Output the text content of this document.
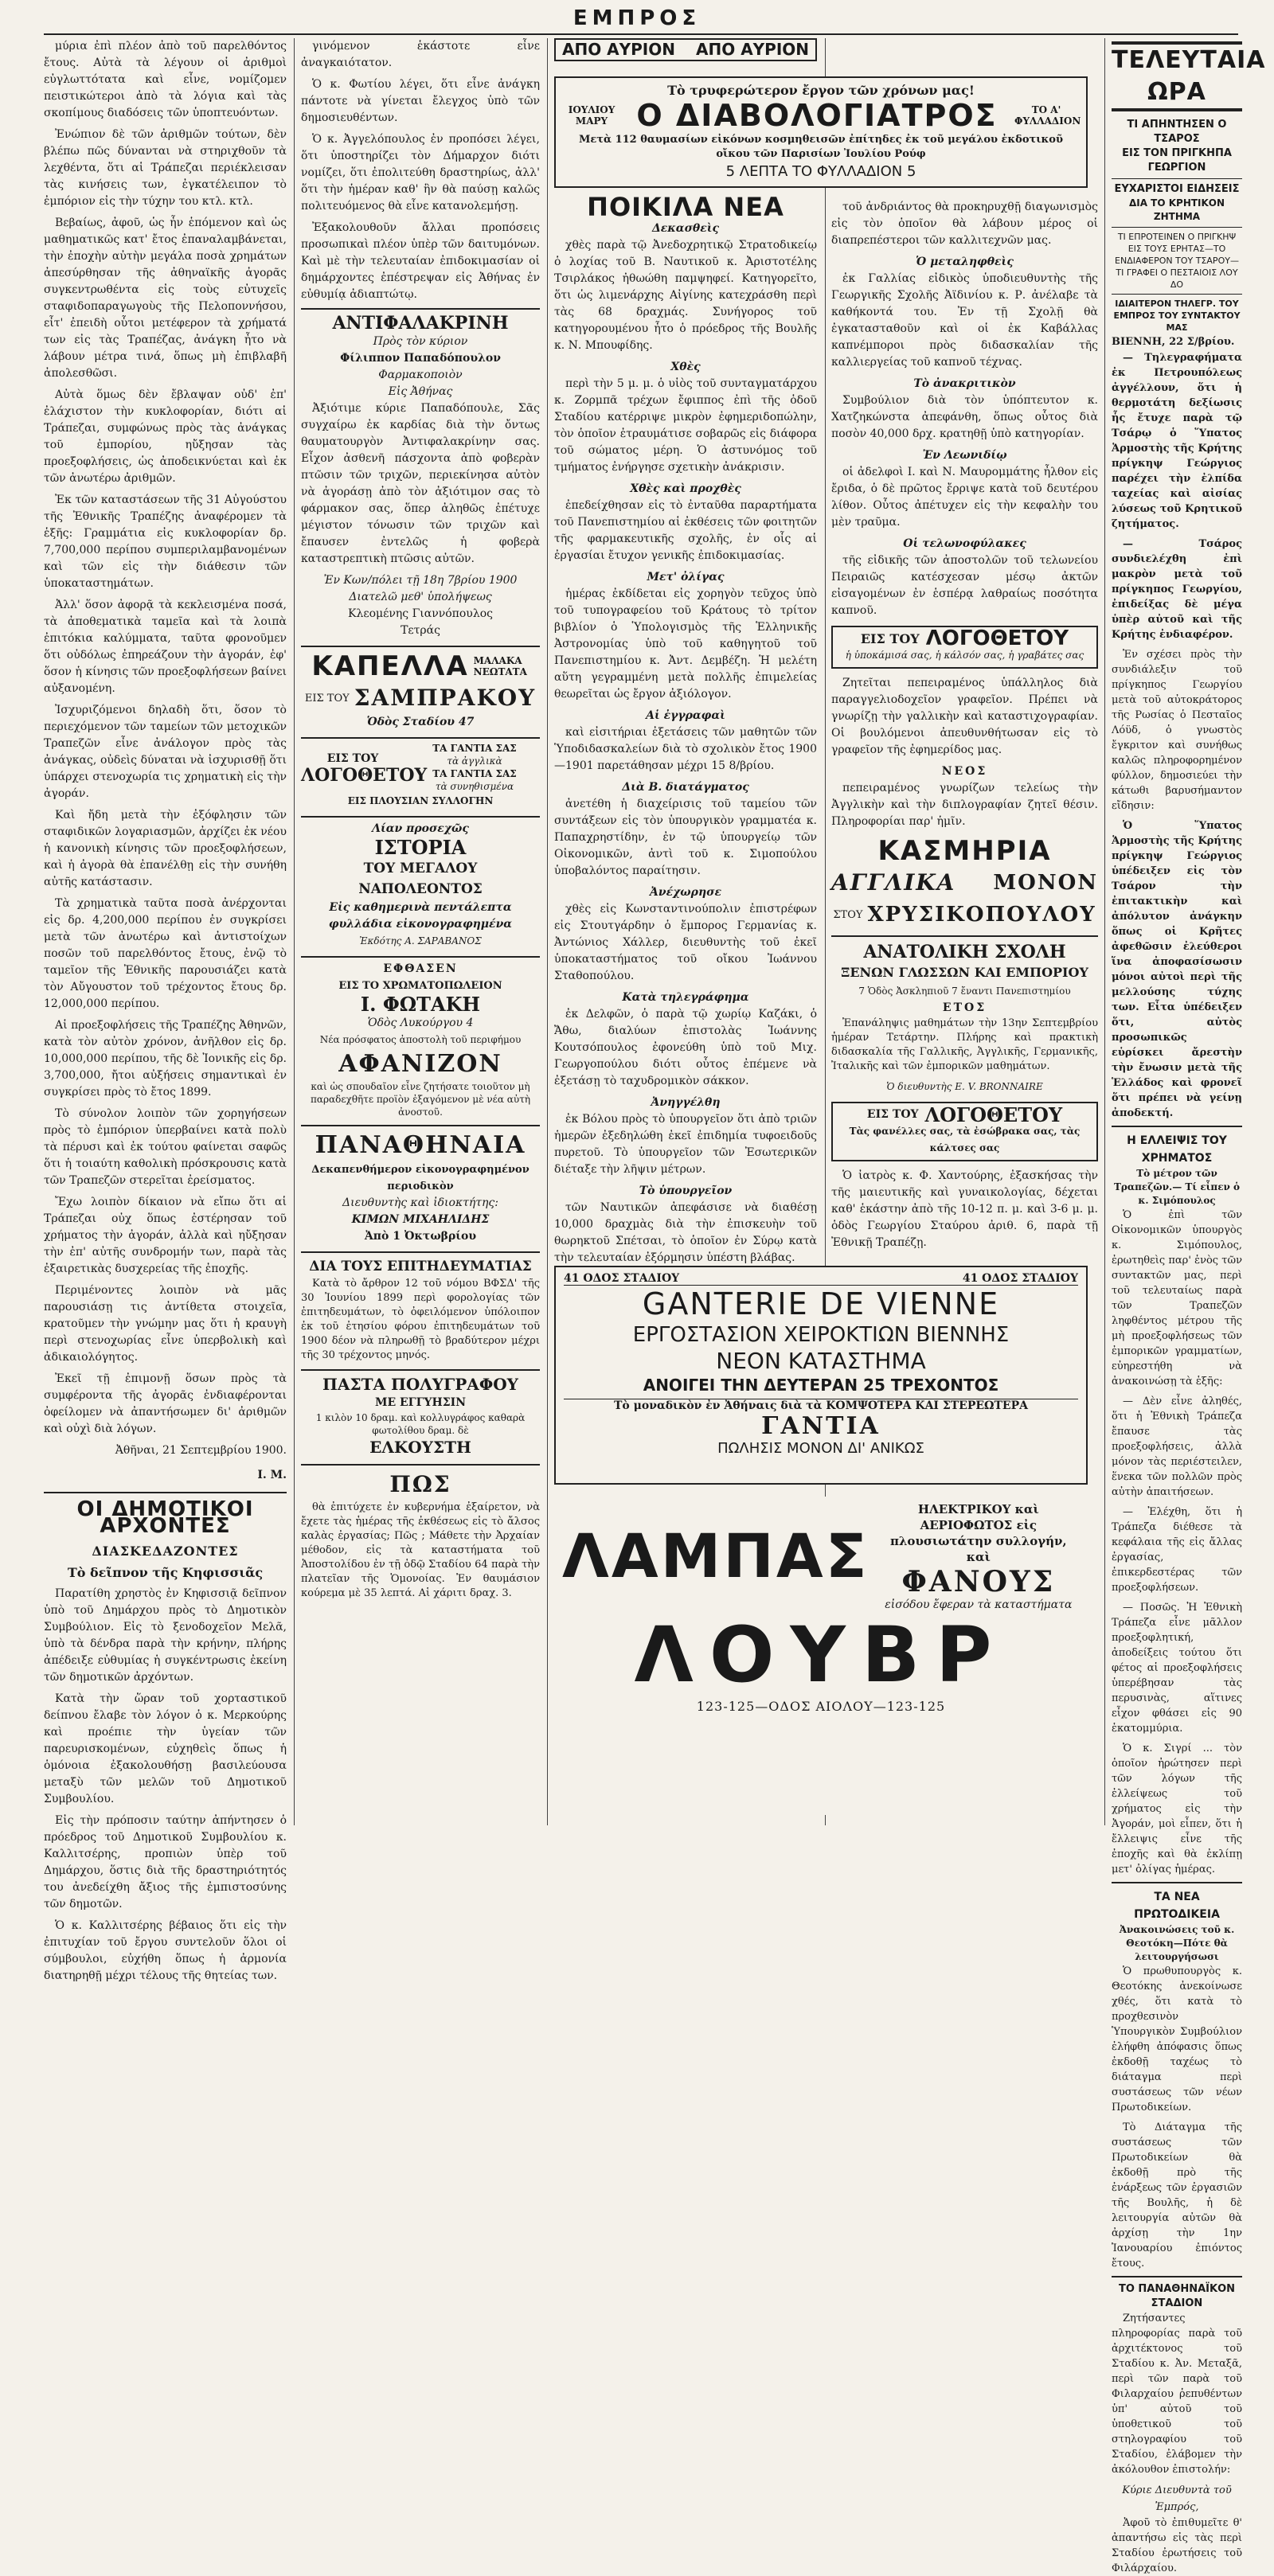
ΕΜΠΡΟΣ

μύρια ἐπὶ πλέον ἀπὸ τοῦ παρελθόντος ἔτους. Αὐτὰ τὰ λέγουν οἱ ἀριθμοὶ εὐγλωττότατα καὶ εἶνε, νομίζομεν πειστικώτεροι ἀπὸ τὰ λόγια καὶ τὰς σκοπίμους διαδόσεις τῶν ὑποπτευόντων.

Ἐνώπιον δὲ τῶν ἀριθμῶν τούτων, δὲν βλέπω πῶς δύνανται νὰ στηριχθοῦν τὰ λεχθέντα, ὅτι αἱ Τράπεζαι περιέκλεισαν τὰς κινήσεις των, ἐγκατέλειπον τὸ ἐμπόριον εἰς τὴν τύχην του κτλ. κτλ.

Βεβαίως, ἀφοῦ, ὡς ἦν ἑπόμενον καὶ ὡς μαθηματικῶς κατ' ἔτος ἐπαναλαμβάνεται, τὴν ἐποχὴν αὐτὴν μεγάλα ποσὰ χρημάτων ἀπεσύρθησαν τῆς ἀθηναϊκῆς ἀγορᾶς συγκεντρωθέντα εἰς τοὺς εὐτυχεῖς σταφιδοπαραγωγοὺς τῆς Πελοποννήσου, εἶτ' ἐπειδὴ οὗτοι μετέφερον τὰ χρήματά των εἰς τὰς Τραπέζας, ἀνάγκη ἦτο νὰ λάβουν μέτρα τινά, ὅπως μὴ ἐπιβλαβῆ ἀπολεσθῶσι.

Αὐτὰ ὅμως δὲν ἔβλαψαν οὐδ' ἐπ' ἐλάχιστον τὴν κυκλοφορίαν, διότι αἱ Τράπεζαι, συμφώνως πρὸς τὰς ἀνάγκας τοῦ ἐμπορίου, ηὔξησαν τὰς προεξοφλήσεις, ὡς ἀποδεικνύεται καὶ ἐκ τῶν ἀνωτέρω ἀριθμῶν.

Ἐκ τῶν καταστάσεων τῆς 31 Αὐγούστου τῆς Ἐθνικῆς Τραπέζης ἀναφέρομεν τὰ ἑξῆς: Γραμμάτια εἰς κυκλοφορίαν δρ. 7,700,000 περίπου συμπεριλαμβανομένων καὶ τῶν εἰς τὴν διάθεσιν τῶν ὑποκαταστημάτων.

Ἀλλ' ὅσον ἀφορᾷ τὰ κεκλεισμένα ποσά, τὰ ἀποθεματικὰ ταμεῖα καὶ τὰ λοιπὰ ἐπιτόκια καλύμματα, ταῦτα φρονοῦμεν ὅτι οὐδόλως ἐπηρεάζουν τὴν ἀγοράν, ἐφ' ὅσον ἡ κίνησις τῶν προεξοφλήσεων βαίνει αὐξανομένη.

Ἰσχυριζόμενοι δηλαδὴ ὅτι, ὅσον τὸ περιεχόμενον τῶν ταμείων τῶν μετοχικῶν Τραπεζῶν εἶνε ἀνάλογον πρὸς τὰς ἀνάγκας, οὐδεὶς δύναται νὰ ἰσχυρισθῇ ὅτι ὑπάρχει στενοχωρία τις χρηματικὴ εἰς τὴν ἀγοράν.

Καὶ ἤδη μετὰ τὴν ἐξόφλησιν τῶν σταφιδικῶν λογαριασμῶν, ἀρχίζει ἐκ νέου ἡ κανονικὴ κίνησις τῶν προεξοφλήσεων, καὶ ἡ ἀγορὰ θὰ ἐπανέλθῃ εἰς τὴν συνήθη αὐτῆς κατάστασιν.

Τὰ χρηματικὰ ταῦτα ποσὰ ἀνέρχονται εἰς δρ. 4,200,000 περίπου ἐν συγκρίσει μετὰ τῶν ἀνωτέρω καὶ ἀντιστοίχων ποσῶν τοῦ παρελθόντος ἔτους, ἐνῷ τὸ ταμεῖον τῆς Ἐθνικῆς παρουσιάζει κατὰ τὸν Αὔγουστον τοῦ τρέχοντος ἔτους δρ. 12,000,000 περίπου.

Αἱ προεξοφλήσεις τῆς Τραπέζης Ἀθηνῶν, κατὰ τὸν αὐτὸν χρόνον, ἀνῆλθον εἰς δρ. 10,000,000 περίπου, τῆς δὲ Ἰονικῆς εἰς δρ. 3,700,000, ἤτοι αὐξήσεις σημαντικαὶ ἐν συγκρίσει πρὸς τὸ ἔτος 1899.

Τὸ σύνολον λοιπὸν τῶν χορηγήσεων πρὸς τὸ ἐμπόριον ὑπερβαίνει κατὰ πολὺ τὰ πέρυσι καὶ ἐκ τούτου φαίνεται σαφῶς ὅτι ἡ τοιαύτη καθολικὴ πρόσκρουσις κατὰ τῶν Τραπεζῶν στερεῖται ἐρείσματος.

Ἔχω λοιπὸν δίκαιον νὰ εἴπω ὅτι αἱ Τράπεζαι οὐχ ὅπως ἐστέρησαν τοῦ χρήματος τὴν ἀγοράν, ἀλλὰ καὶ ηὔξησαν τὴν ἐπ' αὐτῆς συνδρομήν των, παρὰ τὰς ἐξαιρετικὰς δυσχερείας τῆς ἐποχῆς.

Περιμένοντες λοιπὸν νὰ μᾶς παρουσιάσῃ τις ἀντίθετα στοιχεῖα, κρατοῦμεν τὴν γνώμην μας ὅτι ἡ κραυγὴ περὶ στενοχωρίας εἶνε ὑπερβολικὴ καὶ ἀδικαιολόγητος.

Ἐκεῖ τῇ ἐπιμονῇ ὅσων πρὸς τὰ συμφέροντα τῆς ἀγορᾶς ἐνδιαφέρονται ὀφείλομεν νὰ ἀπαντήσωμεν δι' ἀριθμῶν καὶ οὐχὶ διὰ λόγων.

Ἀθῆναι, 21 Σεπτεμβρίου 1900.
Ι. Μ.
ΟΙ ΔΗΜΟΤΙΚΟΙ ΑΡΧΟΝΤΕΣ
ΔΙΑΣΚΕΔΑΖΟΝΤΕΣ
Τὸ δεῖπνον τῆς Κηφισσιᾶς

Παρατίθη χρηστὸς ἐν Κηφισσιᾷ δεῖπνον ὑπὸ τοῦ Δημάρχου πρὸς τὸ Δημοτικὸν Συμβούλιον. Εἰς τὸ ξενοδοχεῖον Μελᾶ, ὑπὸ τὰ δένδρα παρὰ τὴν κρήνην, πλήρης ἀπέδειξε εὐθυμίας ἡ συγκέντρωσις ἐκείνη τῶν δημοτικῶν ἀρχόντων.

Κατὰ τὴν ὥραν τοῦ χορταστικοῦ δείπνου ἔλαβε τὸν λόγον ὁ κ. Μερκούρης καὶ προέπιε τὴν ὑγείαν τῶν παρευρισκομένων, εὐχηθεὶς ὅπως ἡ ὁμόνοια ἐξακολουθήσῃ βασιλεύουσα μεταξὺ τῶν μελῶν τοῦ Δημοτικοῦ Συμβουλίου.

Εἰς τὴν πρόποσιν ταύτην ἀπήντησεν ὁ πρόεδρος τοῦ Δημοτικοῦ Συμβουλίου κ. Καλλιτσέρης, προπιὼν ὑπὲρ τοῦ Δημάρχου, ὅστις διὰ τῆς δραστηριότητός του ἀνεδείχθη ἄξιος τῆς ἐμπιστοσύνης τῶν δημοτῶν.

Ὁ κ. Καλλιτσέρης βέβαιος ὅτι εἰς τὴν ἐπιτυχίαν τοῦ ἔργου συντελοῦν ὅλοι οἱ σύμβουλοι, εὐχήθη ὅπως ἡ ἀρμονία διατηρηθῇ μέχρι τέλους τῆς θητείας των.

γινόμενον ἑκάστοτε εἶνε ἀναγκαιότατον.

Ὁ κ. Φωτίου λέγει, ὅτι εἶνε ἀνάγκη πάντοτε νὰ γίνεται ἔλεγχος ὑπὸ τῶν δημοσιευθέντων.

Ὁ κ. Ἀγγελόπουλος ἐν προπόσει λέγει, ὅτι ὑποστηρίζει τὸν Δήμαρχον διότι νομίζει, ὅτι ἐπολιτεύθη δραστηρίως, ἀλλ' ὅτι τὴν ἡμέραν καθ' ἣν θὰ παύσῃ καλῶς πολιτευόμενος θὰ εἶνε κατανολεμήσῃ.

Ἐξακολουθοῦν ἄλλαι προπόσεις προσωπικαὶ πλέον ὑπὲρ τῶν δαιτυμόνων. Καὶ μὲ τὴν τελευταίαν ἐπιδοκιμασίαν οἱ δημάρχοντες ἐπέστρεψαν εἰς Ἀθήνας ἐν εὐθυμίᾳ ἀδιαπτώτῳ.

ΑΝΤΙΦΑΛΑΚΡΙΝΗ
Πρὸς τὸν κύριον
Φίλιππον Παπαδόπουλον
Φαρμακοποιὸν
Εἰς Ἀθήνας

Ἀξιότιμε κύριε Παπαδόπουλε, Σᾶς συγχαίρω ἐκ καρδίας διὰ τὴν ὄντως θαυματουργὸν Ἀντιφαλακρίνην σας. Εἶχον ἀσθενῆ πάσχοντα ἀπὸ φοβερὰν πτῶσιν τῶν τριχῶν, περιεκίνησα αὐτὸν νὰ ἀγοράσῃ ἀπὸ τὸν ἀξιότιμον σας τὸ φάρμακον σας, ὅπερ ἀληθῶς ἐπέτυχε μέγιστον τόνωσιν τῶν τριχῶν καὶ ἔπαυσεν ἐντελῶς ἡ φοβερὰ καταστρεπτικὴ πτῶσις αὐτῶν.

Ἐν Κων/πόλει τῇ 18η 7βρίου 1900
Διατελῶ μεθ' ὑπολήψεως
Κλεομένης Γιαννόπουλος
Τετράς
ΚΑΠΕΛΛΑ ΜΑΛΑΚΑ ΝΕΩΤΑΤΑ
ΕΙΣ ΤΟΥ ΣΑΜΠΡΑΚΟΥ
Ὁδὸς Σταδίου 47
ΕΙΣ ΤΟΥ
ΛΟΓΟΘΕΤΟΥ
ΤΑ ΓΑΝΤΙΑ ΣΑΣ
τὰ ἀγγλικὰ
ΤΑ ΓΑΝΤΙΑ ΣΑΣ
τὰ συνηθισμένα
ΕΙΣ ΠΛΟΥΣΙΑΝ ΣΥΛΛΟΓΗΝ
Λίαν προσεχῶς
ΙΣΤΟΡΙΑ
ΤΟΥ ΜΕΓΑΛΟΥ ΝΑΠΟΛΕΟΝΤΟΣ
Εἰς καθημερινὰ πεντάλεπτα φυλλάδια εἰκονογραφημένα
Ἐκδότης Α. ΣΑΡΑΒΑΝΟΣ
ΕΦΘΑΣΕΝ
ΕΙΣ ΤΟ ΧΡΩΜΑΤΟΠΩΛΕΙΟΝ
Ι. ΦΩΤΑΚΗ
Ὁδὸς Λυκούργου 4
Νέα πρόσφατος ἀποστολὴ τοῦ περιφήμου
ΑΦΑΝΙΖΟΝ
καὶ ὡς σπουδαῖον εἶνε ζητήσατε τοιοῦτον μὴ παραδεχθῆτε προϊὸν ἐξαγόμενον μὲ νέα αὐτὴ ἀνοστοῦ.
ΠΑΝΑΘΗΝΑΙΑ
Δεκαπενθήμερον εἰκονογραφημένον περιοδικὸν
Διευθυντὴς καὶ ἰδιοκτήτης:
ΚΙΜΩΝ ΜΙΧΑΗΛΙΔΗΣ
Ἀπὸ 1 Ὀκτωβρίου
ΔΙΑ ΤΟΥΣ ΕΠΙΤΗΔΕΥΜΑΤΙΑΣ

Κατὰ τὸ ἄρθρον 12 τοῦ νόμου ΒΦΣΔ' τῆς 30 Ἰουνίου 1899 περὶ φορολογίας τῶν ἐπιτηδευμάτων, τὸ ὀφειλόμενον ὑπόλοιπον ἐκ τοῦ ἐτησίου φόρου ἐπιτηδευμάτων τοῦ 1900 δέον νὰ πληρωθῇ τὸ βραδύτερον μέχρι τῆς 30 τρέχοντος μηνός.

ΠΑΣΤΑ ΠΟΛΥΓΡΑΦΟΥ
ΜΕ ΕΓΓΥΗΣΙΝ
1 κιλὸν 10 δραμ. καὶ κολλυγράφος καθαρὰ φωτολίθου δραμ. δὲ
ΕΛΚΟΥΣΤΗ
ΠΩΣ

θὰ ἐπιτύχετε ἐν κυβερνήμα ἐξαίρετον, νὰ ἔχετε τὰς ἡμέρας τῆς ἐκθέσεως εἰς τὸ ἄλσος καλὰς ἐργασίας; Πῶς ; Μάθετε τὴν Ἀρχαίαν μέθοδον, εἰς τὰ καταστήματα τοῦ Ἀποστολίδου ἐν τῇ ὁδῷ Σταδίου 64 παρὰ τὴν πλατεῖαν τῆς Ὁμονοίας. Ἐν θαυμάσιον κούρεμα μὲ 35 λεπτά. Αἱ χάριτι δραχ. 3.

ΑΠΟ ΑΥΡΙΟΝ ΑΠΟ ΑΥΡΙΟΝ
Τὸ τρυφερώτερον ἔργον τῶν χρόνων μας!
ΙΟΥΛΙΟΥ ΜΑΡΥ Ο ΔΙΑΒΟΛΟΓΙΑΤΡΟΣ	ΤΟ Α' ΦΥΛΛΑΔΙΟΝ
Μετὰ 112 θαυμασίων εἰκόνων κοσμηθεισῶν ἐπίτηδες ἐκ τοῦ μεγάλου ἐκδοτικοῦ οἴκου τῶν Παρισίων Ἰουλίου Ρούφ
5 ΛΕΠΤΑ ΤΟ ΦΥΛΛΑΔΙΟΝ 5
ΠΟΙΚΙΛΑ ΝΕΑ
Δεκασθεὶς

χθὲς παρὰ τῷ Ἀνεδοχρητικῷ Στρατοδικείῳ ὁ λοχίας τοῦ Β. Ναυτικοῦ κ. Ἀριστοτέλης Τσιρλάκος ἠθωώθη παμψηφεί. Κατηγορεῖτο, ὅτι ὡς λιμενάρχης Αἰγίνης κατεχράσθη περὶ τὰς 68 δραχμάς. Συνήγορος τοῦ κατηγορουμένου ἦτο ὁ πρόεδρος τῆς Βουλῆς κ. Ν. Μπουφίδης.

Χθὲς

περὶ τὴν 5 μ. μ. ὁ υἱὸς τοῦ συνταγματάρχου κ. Ζορμπᾶ τρέχων ἔφιππος ἐπὶ τῆς ὁδοῦ Σταδίου κατέρριψε μικρὸν ἐφημεριδοπώλην, τὸν ὁποῖον ἐτραυμάτισε σοβαρῶς εἰς διάφορα τοῦ σώματος μέρη. Ὁ ἀστυνόμος τοῦ τμήματος ἐνήργησε σχετικὴν ἀνάκρισιν.

Χθὲς καὶ προχθὲς

ἐπεδείχθησαν εἰς τὸ ἐνταῦθα παραρτήματα τοῦ Πανεπιστημίου αἱ ἐκθέσεις τῶν φοιτητῶν τῆς φαρμακευτικῆς σχολῆς, ἐν οἷς αἱ ἐργασίαι ἔτυχον γενικῆς ἐπιδοκιμασίας.

Μετ' ὀλίγας

ἡμέρας ἐκδίδεται εἰς χορηγὸν τεῦχος ὑπὸ τοῦ τυπογραφείου τοῦ Κράτους τὸ τρίτον βιβλίον ὁ Ὑπολογισμὸς τῆς Ἑλληνικῆς Ἀστρονομίας ὑπὸ τοῦ καθηγητοῦ τοῦ Πανεπιστημίου κ. Ἀντ. Δεμβέζη. Ἡ μελέτη αὕτη γεγραμμένη μετὰ πολλῆς ἐπιμελείας θεωρεῖται ὡς ἔργον ἀξιόλογον.

Αἱ ἐγγραφαὶ

καὶ εἰσιτήριαι ἐξετάσεις τῶν μαθητῶν τῶν Ὑποδιδασκαλείων διὰ τὸ σχολικὸν ἔτος 1900—1901 παρετάθησαν μέχρι 15 8/βρίου.

Διὰ Β. διατάγματος

ἀνετέθη ἡ διαχείρισις τοῦ ταμείου τῶν συντάξεων εἰς τὸν ὑπουργικὸν γραμματέα κ. Παπαχρηστίδην, ἐν τῷ ὑπουργείῳ τῶν Οἰκονομικῶν, ἀντὶ τοῦ κ. Σιμοπούλου ὑποβαλόντος παραίτησιν.

Ἀνέχωρησε

χθὲς εἰς Κωνσταντινούπολιν ἐπιστρέφων εἰς Στουτγάρδην ὁ ἔμπορος Γερμανίας κ. Ἀντώνιος Χάλλερ, διευθυντὴς τοῦ ἐκεῖ ὑποκαταστήματος τοῦ οἴκου Ἰωάννου Σταθοπούλου.

Κατὰ τηλεγράφημα

ἐκ Δελφῶν, ὁ παρὰ τῷ χωρίῳ Καζάκι, ὁ Ἄθω, διαλύων ἐπιστολὰς Ἰωάννης Κουτσόπουλος ἐφονεύθη ὑπὸ τοῦ Μιχ. Γεωργοπούλου διότι οὗτος ἐπέμενε νὰ ἐξετάσῃ τὸ ταχυδρομικὸν σάκκον.

Ἀνηγγέλθη

ἐκ Βόλου πρὸς τὸ ὑπουργεῖον ὅτι ἀπὸ τριῶν ἡμερῶν ἐξεδηλώθη ἐκεῖ ἐπιδημία τυφοειδοῦς πυρετοῦ. Τὸ ὑπουργεῖον τῶν Ἐσωτερικῶν διέταξε τὴν λῆψιν μέτρων.

Τὸ ὑπουργεῖον

τῶν Ναυτικῶν ἀπεφάσισε νὰ διαθέσῃ 10,000 δραχμὰς διὰ τὴν ἐπισκευὴν τοῦ θωρηκτοῦ Σπέτσαι, τὸ ὁποῖον ἐν Σύρῳ κατὰ τὴν τελευταίαν ἐξόρμησιν ὑπέστη βλάβας.

τοῦ ἀνδριάντος θὰ προκηρυχθῇ διαγωνισμὸς εἰς τὸν ὁποῖον θὰ λάβουν μέρος οἱ διαπρεπέστεροι τῶν καλλιτεχνῶν μας.

Ὁ μεταληφθεὶς

ἐκ Γαλλίας εἰδικὸς ὑποδιευθυντὴς τῆς Γεωργικῆς Σχολῆς Ἀϊδινίου κ. Ρ. ἀνέλαβε τὰ καθήκοντά του. Ἐν τῇ Σχολῇ θὰ ἐγκατασταθοῦν καὶ οἱ ἐκ Καβάλλας καπνέμποροι πρὸς διδασκαλίαν τῆς καλλιεργείας τοῦ καπνοῦ τέχνας.

Τὸ ἀνακριτικὸν

Συμβούλιον διὰ τὸν ὑπόπτευτον κ. Χατζηκώνστα ἀπεφάνθη, ὅπως οὗτος διὰ ποσὸν 40,000 δρχ. κρατηθῇ ὑπὸ κατηγορίαν.

Ἐν Λεωνιδίῳ

οἱ ἀδελφοὶ Ι. καὶ Ν. Μαυρομμάτης ἦλθον εἰς ἔριδα, ὁ δὲ πρῶτος ἔρριψε κατὰ τοῦ δευτέρου λίθον. Οὗτος ἀπέτυχεν εἰς τὴν κεφαλὴν του μὲν τραῦμα.

Οἱ τελωνοφύλακες

τῆς εἰδικῆς τῶν ἀποστολῶν τοῦ τελωνείου Πειραιῶς κατέσχεσαν μέσῳ ἀκτῶν εἰσαγομένων ἐν ἑσπέρᾳ λαθραίως ποσότητα καπνοῦ.

ΕΙΣ ΤΟΥ ΛΟΓΟΘΕΤΟΥ
ἡ ὑποκάμισά σας, ἡ κάλσόν σας, ἡ γραβάτες σας

Ζητεῖται πεπειραμένος ὑπάλληλος διὰ παραγγελιοδοχεῖον γραφεῖον. Πρέπει νὰ γνωρίζῃ τὴν γαλλικὴν καὶ καταστιχογραφίαν. Οἱ βουλόμενοι ἀπευθυνθήτωσαν εἰς τὸ γραφεῖον τῆς ἐφημερίδος μας.

ΝΕΟΣ

πεπειραμένος γνωρίζων τελείως τὴν Ἀγγλικὴν καὶ τὴν διπλογραφίαν ζητεῖ θέσιν. Πληροφορίαι παρ' ἡμῖν.

ΚΑΣΜΗΡΙΑ
ΑΓΓΛΙΚΑ ΜΟΝΟΝ
ΣΤΟΥ ΧΡΥΣΙΚΟΠΟΥΛΟΥ
ΑΝΑΤΟΛΙΚΗ ΣΧΟΛΗ
ΞΕΝΩΝ ΓΛΩΣΣΩΝ ΚΑΙ ΕΜΠΟΡΙΟΥ
7 Ὁδὸς Ἀσκληπιοῦ 7 ἔναντι Πανεπιστημίου
ΕΤΟΣ

Ἐπανάληψις μαθημάτων τὴν 13ην Σεπτεμβρίου ἡμέραν Τετάρτην. Πλήρης καὶ πρακτικὴ διδασκαλία τῆς Γαλλικῆς, Ἀγγλικῆς, Γερμανικῆς, Ἰταλικῆς καὶ τῶν ἐμπορικῶν μαθημάτων.

Ὁ διευθυντὴς E. V. BRONNAIRE
ΕΙΣ ΤΟΥ ΛΟΓΟΘΕΤΟΥ
Τὰς φανέλλες σας, τὰ ἐσώβρακα σας, τὰς κάλτσες σας

Ὁ ἰατρὸς κ. Φ. Χαντούρης, ἐξασκήσας τὴν τῆς μαιευτικῆς καὶ γυναικολογίας, δέχεται καθ' ἑκάστην ἀπὸ τῆς 10-12 π. μ. καὶ 3-6 μ. μ. ὁδὸς Γεωργίου Σταύρου ἀριθ. 6, παρὰ τῇ Ἐθνικῇ Τραπέζῃ.

41 ΟΔΟΣ ΣΤΑΔΙΟΥ	41 ΟΔΟΣ ΣΤΑΔΙΟΥ
GANTERIE DE VIENNE
ΕΡΓΟΣΤΑΣΙΟΝ ΧΕΙΡΟΚΤΙΩΝ ΒΙΕΝΝΗΣ
ΝΕΟΝ ΚΑΤΑΣΤΗΜΑ
ΑΝΟΙΓΕΙ ΤΗΝ ΔΕΥΤΕΡΑΝ 25 ΤΡΕΧΟΝΤΟΣ
Τὸ μοναδικὸν ἐν Ἀθήναις διὰ τὰ ΚΟΜΨΟΤΕΡΑ ΚΑΙ ΣΤΕΡΕΩΤΕΡΑ
ΓΑΝΤΙΑ
ΠΩΛΗΣΙΣ ΜΟΝΟΝ ΔΙ' ΑΝΙΚΩΣ
ΛΑΜΠΑΣ
ΗΛΕΚΤΡΙΚΟΥ καὶ ΑΕΡΙΟΦΩΤΟΣ εἰς πλουσιωτάτην συλλογήν, καὶ
ΦΑΝΟΥΣ
εἰσόδου ἔφεραν τὰ καταστήματα
ΛΟΥΒΡ
123-125—ΟΔΟΣ ΑΙΟΛΟΥ—123-125
ΤΕΛΕΥΤΑΙΑ ΩΡΑ
ΤΙ ΑΠΗΝΤΗΣΕΝ Ο ΤΣΑΡΟΣ
ΕΙΣ ΤΟΝ ΠΡΙΓΚΗΠΑ ΓΕΩΡΓΙΟΝ
ΕΥΧΑΡΙΣΤΟΙ ΕΙΔΗΣΕΙΣ
ΔΙΑ ΤΟ ΚΡΗΤΙΚΟΝ ΖΗΤΗΜΑ
ΤΙ ΕΠΡΟΤΕΙΝΕΝ Ο ΠΡΙΓΚΗΨ ΕΙΣ ΤΟΥΣ ΕΡΗΤΑΣ—ΤΟ ΕΝΔΙΑΦΕΡΟΝ ΤΟΥ ΤΣΑΡΟΥ—ΤΙ ΓΡΑΦΕΙ Ο ΠΕΣΤΑΙΟΙΣ ΛΟΥ ΔΟ
ΙΔΙΑΙΤΕΡΟΝ ΤΗΛΕΓΡ. ΤΟΥ ΕΜΠΡΟΣ ΤΟΥ ΣΥΝΤΑΚΤΟΥ ΜΑΣ
ΒΙΕΝΝΗ, 22 Σ/βρίου.

— Τηλεγραφήματα ἐκ Πετρουπόλεως ἀγγέλλουν, ὅτι ἡ θερμοτάτη δεξίωσις ἧς ἔτυχε παρὰ τῷ Τσάρῳ ὁ Ὕπατος Ἁρμοστὴς τῆς Κρήτης πρίγκηψ Γεώργιος παρέχει τὴν ἐλπίδα ταχείας καὶ αἰσίας λύσεως τοῦ Κρητικοῦ ζητήματος.

— Τσάρος συνδιελέχθη ἐπὶ μακρὸν μετὰ τοῦ πρίγκηπος Γεωργίου, ἐπιδείξας δὲ μέγα ὑπὲρ αὐτοῦ καὶ τῆς Κρήτης ἐνδιαφέρον.

Ἐν σχέσει πρὸς τὴν συνδιάλεξιν τοῦ πρίγκηπος Γεωργίου μετὰ τοῦ αὐτοκράτορος τῆς Ρωσίας ὁ Πεσταῖος Λόϋδ, ὁ γνωστὸς ἔγκριτον καὶ συνήθως καλῶς πληροφορημένον φύλλον, δημοσιεύει τὴν κάτωθι βαρυσήμαντον εἴδησιν:

Ὁ Ὕπατος Ἁρμοστὴς τῆς Κρήτης πρίγκηψ Γεώργιος ὑπέδειξεν εἰς τὸν Τσάρον τὴν ἐπιτακτικὴν καὶ ἀπόλυτον ἀνάγκην ὅπως οἱ Κρῆτες ἀφεθῶσιν ἐλεύθεροι ἵνα ἀποφασίσωσιν μόνοι αὐτοὶ περὶ τῆς μελλούσης τύχης των. Εἶτα ὑπέδειξεν ὅτι, αὐτὸς προσωπικῶς εὑρίσκει ἄρεστὴν τὴν ἔνωσιν μετὰ τῆς Ἑλλάδος καὶ φρονεῖ ὅτι πρέπει νὰ γείνῃ ἀποδεκτή.

Η ΕΛΛΕΙΨΙΣ ΤΟΥ ΧΡΗΜΑΤΟΣ
Τὸ μέτρον τῶν Τραπεζῶν.— Τί εἶπεν ὁ κ. Σιμόπουλος

Ὁ ἐπὶ τῶν Οἰκονομικῶν ὑπουργὸς κ. Σιμόπουλος, ἐρωτηθεὶς παρ' ἑνὸς τῶν συντακτῶν μας, περὶ τοῦ τελευταίως παρὰ τῶν Τραπεζῶν ληφθέντος μέτρου τῆς μὴ προεξοφλήσεως τῶν ἐμπορικῶν γραμματίων, εὐηρεστήθη νὰ ἀνακοινώσῃ τὰ ἑξῆς:

— Δὲν εἶνε ἀληθές, ὅτι ἡ Ἐθνικὴ Τράπεζα ἔπαυσε τὰς προεξοφλήσεις, ἀλλὰ μόνον τὰς περιέστειλεν, ἕνεκα τῶν πολλῶν πρὸς αὐτὴν ἀπαιτήσεων.

— Ἐλέχθη, ὅτι ἡ Τράπεζα διέθεσε τὰ κεφάλαια τῆς εἰς ἄλλας ἐργασίας, ἐπικερδεστέρας τῶν προεξοφλήσεων.

— Ποσῶς. Ἡ Ἐθνικὴ Τράπεζα εἶνε μᾶλλον προεξοφλητική, ἀποδείξεις τούτου ὅτι φέτος αἱ προεξοφλήσεις ὑπερέβησαν τὰς περυσινὰς, αἵτινες εἶχον φθάσει εἰς 90 ἑκατομμύρια.

Ὁ κ. Σιγρί ... τὸν ὁποῖον ἠρώτησεν περὶ τῶν λόγων τῆς ἐλλείψεως τοῦ χρήματος εἰς τὴν Ἀγοράν, μοὶ εἶπεν, ὅτι ἡ ἔλλειψις εἶνε τῆς ἐποχῆς καὶ θὰ ἐκλίπῃ μετ' ὀλίγας ἡμέρας.

ΤΑ ΝΕΑ ΠΡΩΤΟΔΙΚΕΙΑ
Ἀνακοινώσεις τοῦ κ. Θεοτόκη—Πότε θὰ λειτουργήσωσι

Ὁ πρωθυπουργὸς κ. Θεοτόκης ἀνεκοίνωσε χθές, ὅτι κατὰ τὸ προχθεσινὸν Ὑπουργικὸν Συμβούλιον ἐλήφθη ἀπόφασις ὅπως ἐκδοθῇ ταχέως τὸ διάταγμα περὶ συστάσεως τῶν νέων Πρωτοδικείων.

Τὸ Διάταγμα τῆς συστάσεως τῶν Πρωτοδικείων θὰ ἐκδοθῇ πρὸ τῆς ἐνάρξεως τῶν ἐργασιῶν τῆς Βουλῆς, ἡ δὲ λειτουργία αὐτῶν θὰ ἀρχίσῃ τὴν 1ην Ἰανουαρίου ἐπιόντος ἔτους.

ΤΟ ΠΑΝΑΘΗΝΑΪΚΟΝ ΣΤΑΔΙΟΝ

Ζητήσαντες πληροφορίας παρὰ τοῦ ἀρχιτέκτονος τοῦ Σταδίου κ. Ἀν. Μεταξᾶ, περὶ τῶν παρὰ τοῦ Φιλαρχαίου ῥεπυθέντων ὑπ' αὐτοῦ τοῦ ὑποθετικοῦ τοῦ στηλογραφίου τοῦ Σταδίου, ἐλάβομεν τὴν ἀκόλουθον ἐπιστολήν:

Κύριε Διευθυντὰ τοῦ Ἐμπρός,

Ἀφοῦ τὸ ἐπιθυμεῖτε θ' ἀπαντήσω εἰς τὰς περὶ Σταδίου ἐρωτήσεις τοῦ Φιλάρχαίου.
